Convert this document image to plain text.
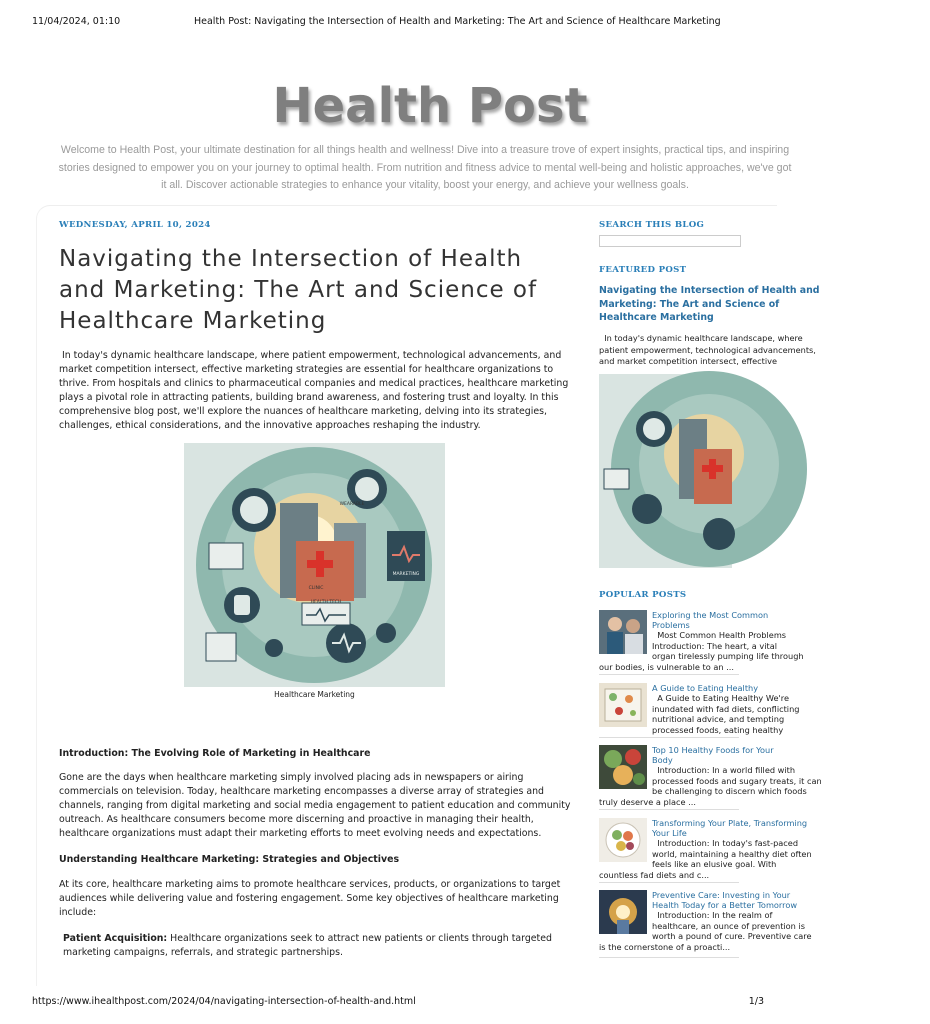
11/04/2024, 01:10	Health Post: Navigating the Intersection of Health and Marketing: The Art and Science of Healthcare Marketing
Health Post
Welcome to Health Post, your ultimate destination for all things health and wellness! Dive into a treasure trove of expert insights, practical tips, and inspiring
stories designed to empower you on your journey to optimal health. From nutrition and fitness advice to mental well-being and holistic approaches, we've got
it all. Discover actionable strategies to enhance your vitality, boost your energy, and achieve your wellness goals.
WEDNESDAY, APRIL 10, 2024
Navigating the Intersection of Health and Marketing: The Art and Science of Healthcare Marketing

In today's dynamic healthcare landscape, where patient empowerment, technological advancements, and market competition intersect, effective marketing strategies are essential for healthcare organizations to thrive. From hospitals and clinics to pharmaceutical companies and medical practices, healthcare marketing plays a pivotal role in attracting patients, building brand awareness, and fostering trust and loyalty. In this comprehensive blog post, we'll explore the nuances of healthcare marketing, delving into its strategies, challenges, ethical considerations, and the innovative approaches reshaping the industry.

CLINIC
MARKETING
HEALTH TECH
WEARABLE
Healthcare Marketing

Introduction: The Evolving Role of Marketing in Healthcare

Gone are the days when healthcare marketing simply involved placing ads in newspapers or airing commercials on television. Today, healthcare marketing encompasses a diverse array of strategies and channels, ranging from digital marketing and social media engagement to patient education and community outreach. As healthcare consumers become more discerning and proactive in managing their health, healthcare organizations must adapt their marketing efforts to meet evolving needs and expectations.

Understanding Healthcare Marketing: Strategies and Objectives

At its core, healthcare marketing aims to promote healthcare services, products, or organizations to target audiences while delivering value and fostering engagement. Some key objectives of healthcare marketing include:

Patient Acquisition: Healthcare organizations seek to attract new patients or clients through targeted marketing campaigns, referrals, and strategic partnerships.

SEARCH THIS BLOG
FEATURED POST
Navigating the Intersection of Health and
Marketing: The Art and Science of
Healthcare Marketing
In today's dynamic healthcare landscape, where
patient empowerment, technological advancements,
and market competition intersect, effective
POPULAR POSTS
Exploring the Most Common
Problems
Most Common Health Problems
Introduction: The heart, a vital
organ tirelessly pumping life through
our bodies, is vulnerable to an ...
A Guide to Eating Healthy
A Guide to Eating Healthy We're
inundated with fad diets, conflicting
nutritional advice, and tempting
processed foods, eating healthy
Top 10 Healthy Foods for Your
Body
Introduction: In a world filled with
processed foods and sugary treats, it can
be challenging to discern which foods
truly deserve a place ...
Transforming Your Plate, Transforming
Your Life
Introduction: In today's fast-paced
world, maintaining a healthy diet often
feels like an elusive goal. With
countless fad diets and c...
Preventive Care: Investing in Your
Health Today for a Better Tomorrow
Introduction: In the realm of
healthcare, an ounce of prevention is
worth a pound of cure. Preventive care
is the cornerstone of a proacti...
https://www.ihealthpost.com/2024/04/navigating-intersection-of-health-and.html	1/3
